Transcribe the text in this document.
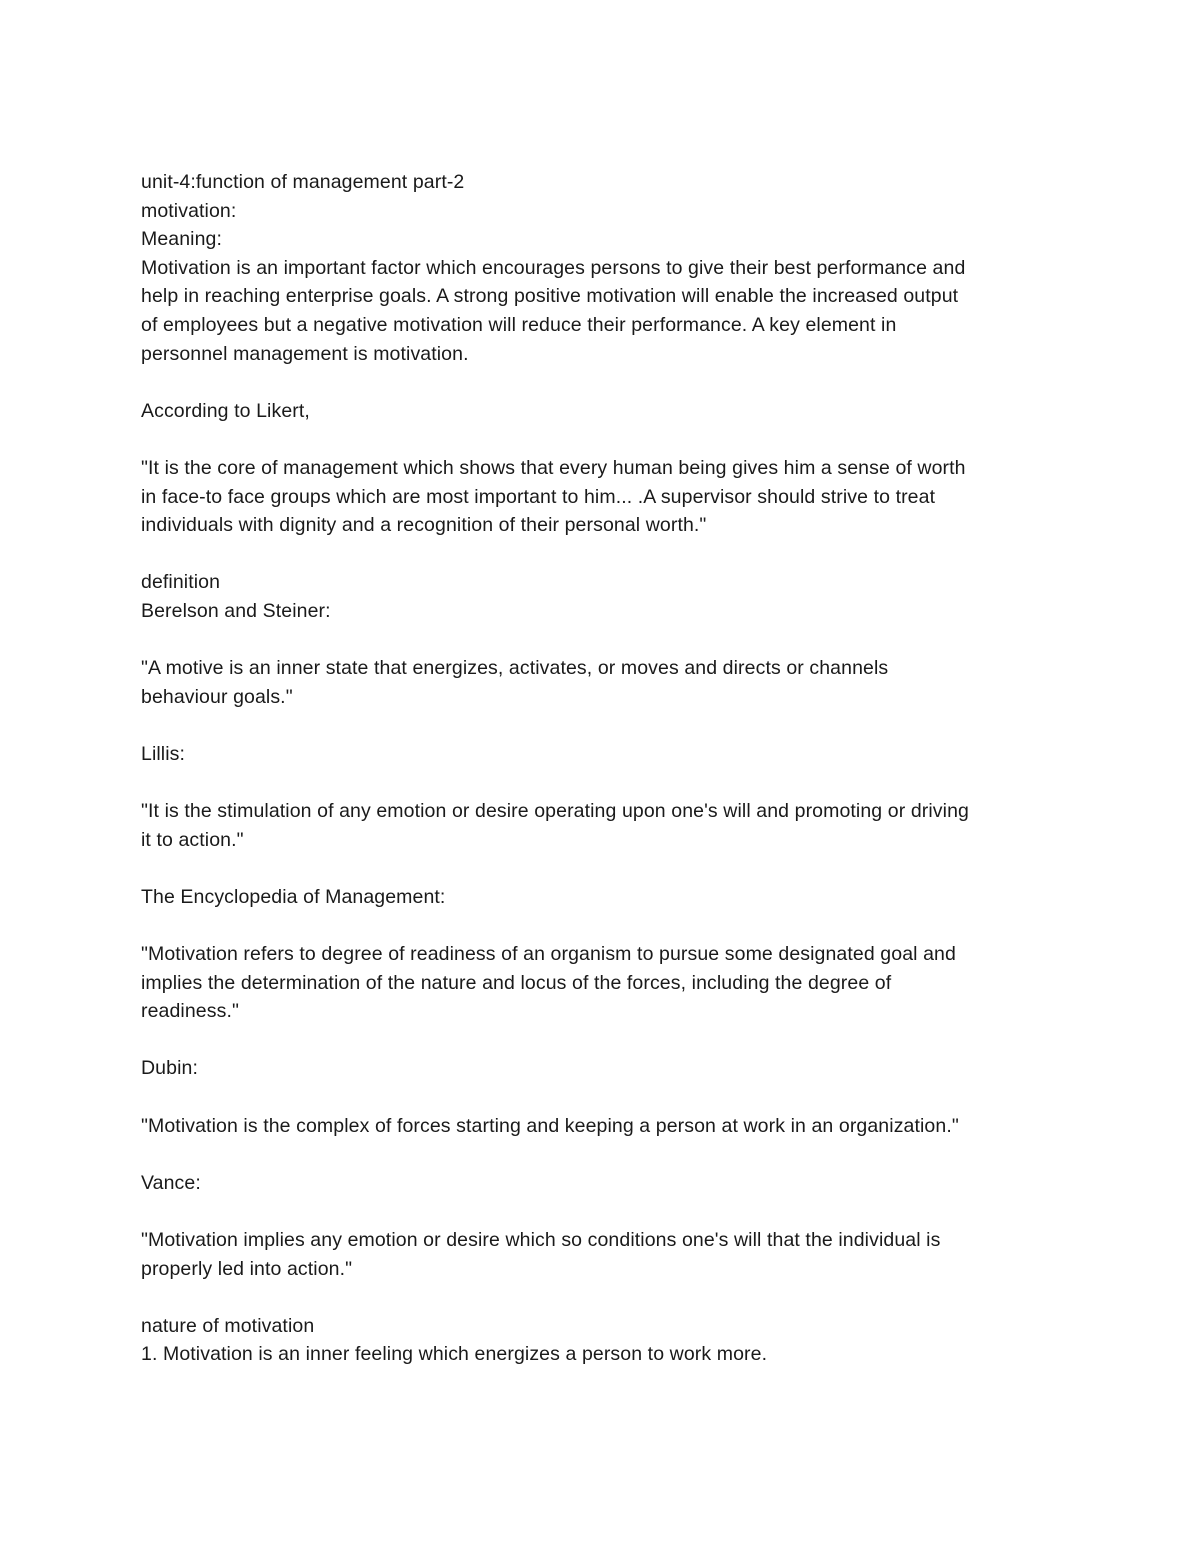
unit-4:function of management part-2
motivation:
Meaning:
Motivation is an important factor which encourages persons to give their best performance and
help in reaching enterprise goals. A strong positive motivation will enable the increased output
of employees but a negative motivation will reduce their performance. A key element in
personnel management is motivation.
According to Likert,
"It is the core of management which shows that every human being gives him a sense of worth
in face-to face groups which are most important to him... .A supervisor should strive to treat
individuals with dignity and a recognition of their personal worth."
definition
Berelson and Steiner:
"A motive is an inner state that energizes, activates, or moves and directs or channels
behaviour goals."
Lillis:
"It is the stimulation of any emotion or desire operating upon one's will and promoting or driving
it to action."
The Encyclopedia of Management:
"Motivation refers to degree of readiness of an organism to pursue some designated goal and
implies the determination of the nature and locus of the forces, including the degree of
readiness."
Dubin:
"Motivation is the complex of forces starting and keeping a person at work in an organization."
Vance:
"Motivation implies any emotion or desire which so conditions one's will that the individual is
properly led into action."
nature of motivation
1. Motivation is an inner feeling which energizes a person to work more.
